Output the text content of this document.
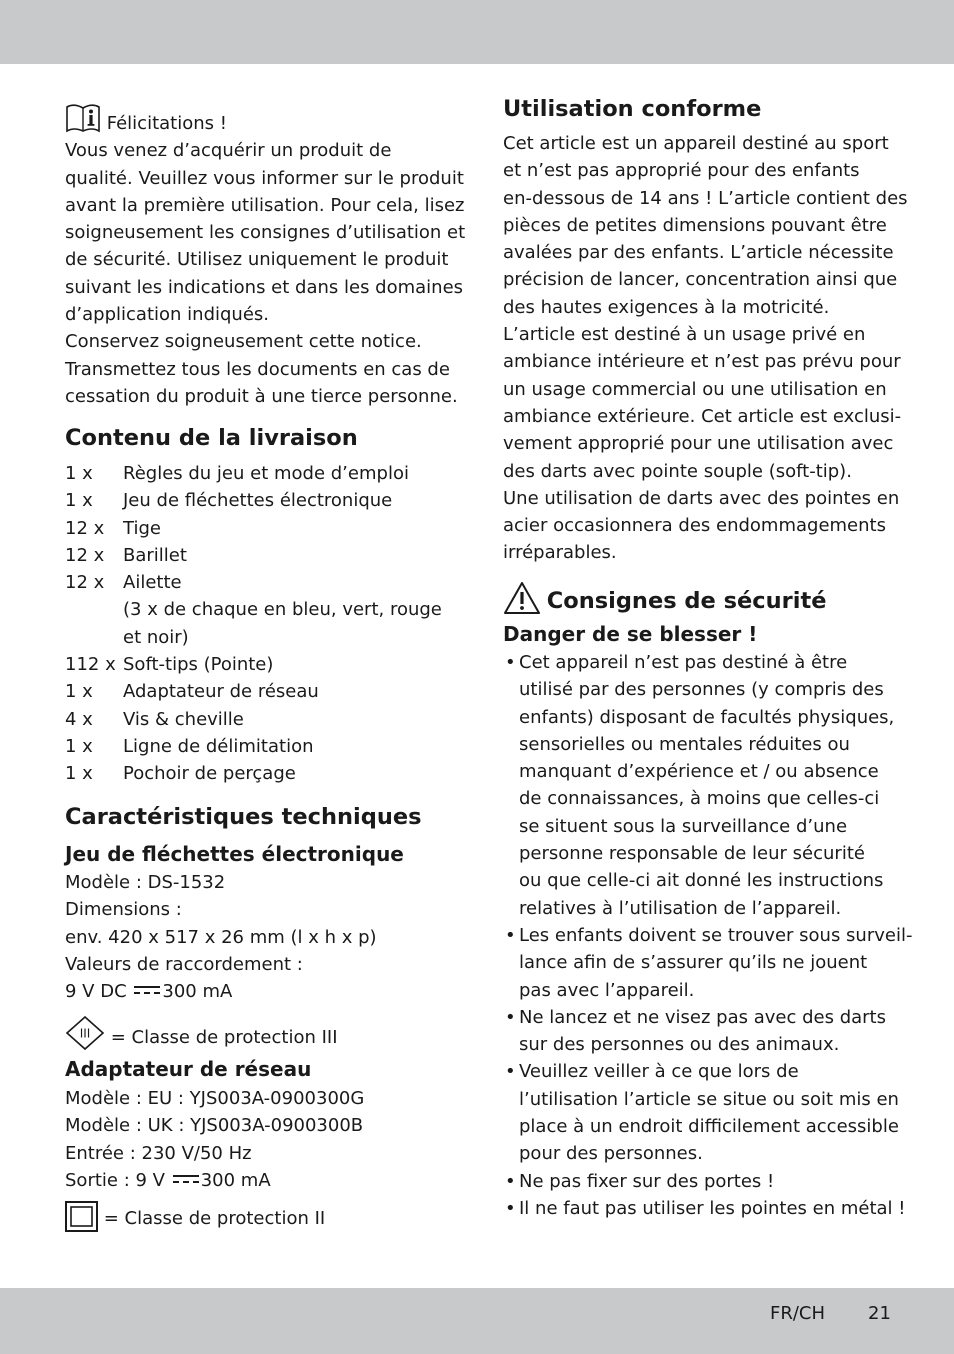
Félicitations !
Vous venez d’acquérir un produit de
qualité. Veuillez vous informer sur le produit
avant la première utilisation. Pour cela, lisez
soigneusement les consignes d’utilisation et
de sécurité. Utilisez uniquement le produit
suivant les indications et dans les domaines
d’application indiqués.
Conservez soigneusement cette notice.
Transmettez tous les documents en cas de
cessation du produit à une tierce personne.
Contenu de la livraison
1 x	Règles du jeu et mode d’emploi

1 x	Jeu de fléchettes électronique

12 x	Tige

12 x	Barillet

12 x	Ailette
(3 x de chaque en bleu, vert, rouge
et noir)

112 x	Soft-tips (Pointe)

1 x	Adaptateur de réseau

4 x	Vis & cheville

1 x	Ligne de délimitation

1 x	Pochoir de perçage
Caractéristiques techniques
Jeu de fléchettes électronique
Modèle : DS-1532
Dimensions :
env. 420 x 517 x 26 mm (l x h x p)
Valeurs de raccordement :
9 V DC 300 mA
III = Classe de protection III
Adaptateur de réseau
Modèle : EU : YJS003A-0900300G
Modèle : UK : YJS003A-0900300B
Entrée : 230 V/50 Hz
Sortie : 9 V 300 mA
= Classe de protection II
Utilisation conforme
Cet article est un appareil destiné au sport
et n’est pas approprié pour des enfants
en-dessous de 14 ans ! L’article contient des
pièces de petites dimensions pouvant être
avalées par des enfants. L’article nécessite
précision de lancer, concentration ainsi que
des hautes exigences à la motricité.
L’article est destiné à un usage privé en
ambiance intérieure et n’est pas prévu pour
un usage commercial ou une utilisation en
ambiance extérieure. Cet article est exclusi-
vement approprié pour une utilisation avec
des darts avec pointe souple (soft-tip).
Une utilisation de darts avec des pointes en
acier occasionnera des endommagements
irréparables.
Consignes de sécurité
Danger de se blesser !
• Cet appareil n’est pas destiné à être
utilisé par des personnes (y compris des
enfants) disposant de facultés physiques,
sensorielles ou mentales réduites ou
manquant d’expérience et / ou absence
de connaissances, à moins que celles-ci
se situent sous la surveillance d’une
personne responsable de leur sécurité
ou que celle-ci ait donné les instructions
relatives à l’utilisation de l’appareil.
• Les enfants doivent se trouver sous surveil-
lance afin de s’assurer qu’ils ne jouent
pas avec l’appareil.
• Ne lancez et ne visez pas avec des darts
sur des personnes ou des animaux.
• Veuillez veiller à ce que lors de
l’utilisation l’article se situe ou soit mis en
place à un endroit difficilement accessible
pour des personnes.
• Ne pas fixer sur des portes !
• Il ne faut pas utiliser les pointes en métal !
FR/CH 21
